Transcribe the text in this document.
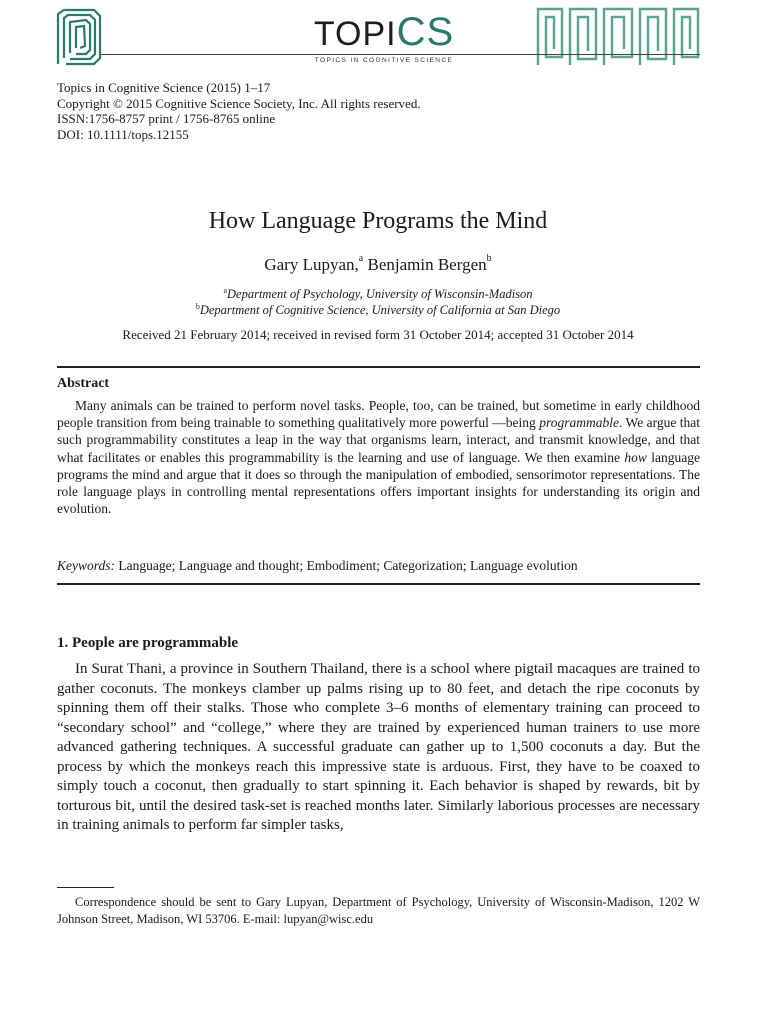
TOPICS
TOPICS IN COGNITIVE SCIENCE
Topics in Cognitive Science (2015) 1–17
Copyright © 2015 Cognitive Science Society, Inc. All rights reserved.
ISSN:1756-8757 print / 1756-8765 online
DOI: 10.1111/tops.12155
How Language Programs the Mind
Gary Lupyan,$^a$ Benjamin Bergen$^b$
$^a$Department of Psychology, University of Wisconsin-Madison
$^b$Department of Cognitive Science, University of California at San Diego
Received 21 February 2014; received in revised form 31 October 2014; accepted 31 October 2014
Abstract

Many animals can be trained to perform novel tasks. People, too, can be trained, but sometime in early childhood people transition from being trainable to something qualitatively more powerful —being programmable. We argue that such programmability constitutes a leap in the way that organisms learn, interact, and transmit knowledge, and that what facilitates or enables this programmability is the learning and use of language. We then examine how language programs the mind and argue that it does so through the manipulation of embodied, sensorimotor representations. The role language plays in controlling mental representations offers important insights for understanding its origin and evolution.

Keywords: Language; Language and thought; Embodiment; Categorization; Language evolution
1. People are programmable

In Surat Thani, a province in Southern Thailand, there is a school where pigtail macaques are trained to gather coconuts. The monkeys clamber up palms rising up to 80 feet, and detach the ripe coconuts by spinning them off their stalks. Those who complete 3–6 months of elementary training can proceed to “secondary school” and “college,” where they are trained by experienced human trainers to use more advanced gathering techniques. A successful graduate can gather up to 1,500 coconuts a day. But the process by which the monkeys reach this impressive state is arduous. First, they have to be coaxed to simply touch a coconut, then gradually to start spinning it. Each behavior is shaped by rewards, bit by torturous bit, until the desired task-set is reached months later. Similarly laborious processes are necessary in training animals to perform far simpler tasks,

Correspondence should be sent to Gary Lupyan, Department of Psychology, University of Wisconsin-Madison, 1202 W Johnson Street, Madison, WI 53706. E-mail: lupyan@wisc.edu
